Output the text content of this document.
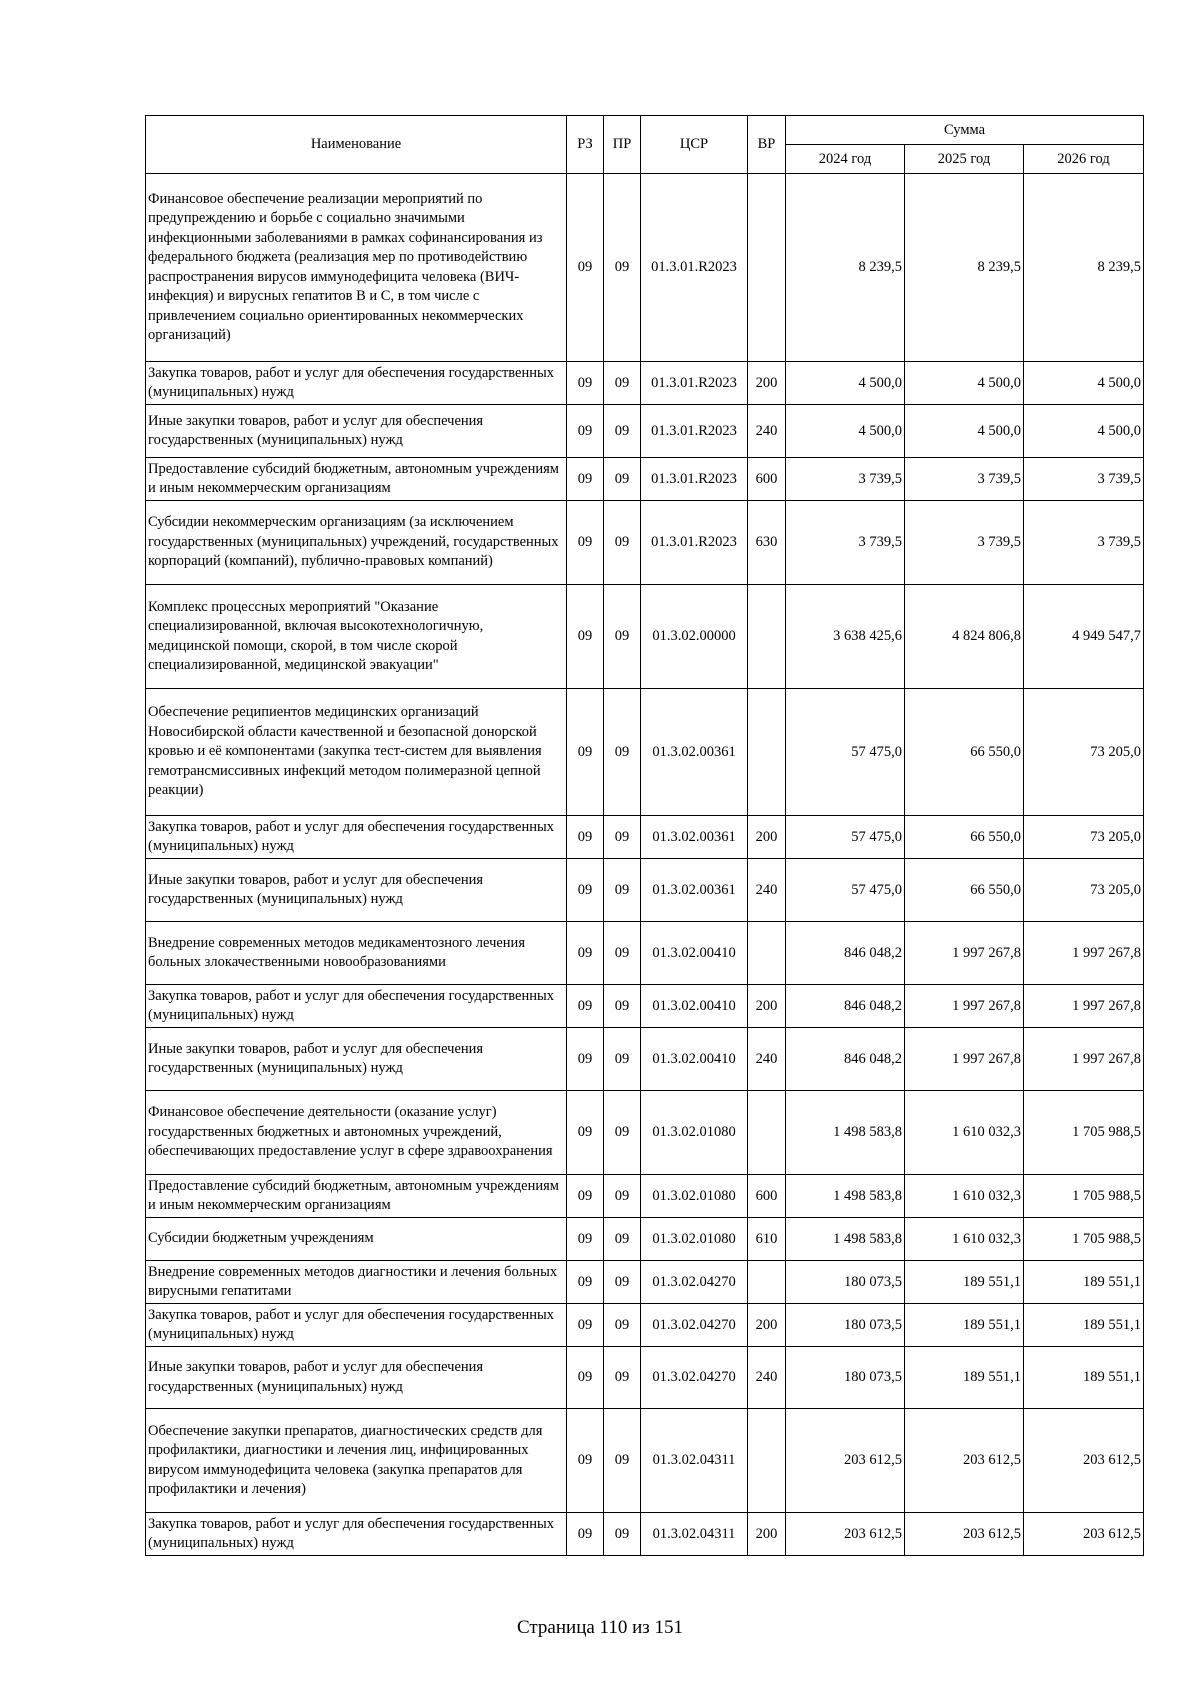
Наименование	РЗ	ПР	ЦСР	ВР	Сумма		
					2024 год	2025 год	2026 год
Финансовое обеспечение реализации мероприятий по предупреждению и борьбе с социально значимыми инфекционными заболеваниями в рамках софинансирования из федерального бюджета (реализация мер по противодействию распространения вирусов иммунодефицита человека (ВИЧ-инфекция) и вирусных гепатитов В и С, в том числе с привлечением социально ориентированных некоммерческих организаций)	09	09	01.3.01.R2023		8 239,5	8 239,5	8 239,5
Закупка товаров, работ и услуг для обеспечения государственных (муниципальных) нужд	09	09	01.3.01.R2023	200	4 500,0	4 500,0	4 500,0
Иные закупки товаров, работ и услуг для обеспечения государственных (муниципальных) нужд	09	09	01.3.01.R2023	240	4 500,0	4 500,0	4 500,0
Предоставление субсидий бюджетным, автономным учреждениям и иным некоммерческим организациям	09	09	01.3.01.R2023	600	3 739,5	3 739,5	3 739,5
Субсидии некоммерческим организациям (за исключением государственных (муниципальных) учреждений, государственных корпораций (компаний), публично-правовых компаний)	09	09	01.3.01.R2023	630	3 739,5	3 739,5	3 739,5
Комплекс процессных мероприятий "Оказание специализированной, включая высокотехнологичную, медицинской помощи, скорой, в том числе скорой специализированной, медицинской эвакуации"	09	09	01.3.02.00000		3 638 425,6	4 824 806,8	4 949 547,7
Обеспечение реципиентов медицинских организаций Новосибирской области качественной и безопасной донорской кровью и её компонентами (закупка тест-систем для выявления гемотрансмиссивных инфекций методом полимеразной цепной реакции)	09	09	01.3.02.00361		57 475,0	66 550,0	73 205,0
Закупка товаров, работ и услуг для обеспечения государственных (муниципальных) нужд	09	09	01.3.02.00361	200	57 475,0	66 550,0	73 205,0
Иные закупки товаров, работ и услуг для обеспечения государственных (муниципальных) нужд	09	09	01.3.02.00361	240	57 475,0	66 550,0	73 205,0
Внедрение современных методов медикаментозного лечения больных злокачественными новообразованиями	09	09	01.3.02.00410		846 048,2	1 997 267,8	1 997 267,8
Закупка товаров, работ и услуг для обеспечения государственных (муниципальных) нужд	09	09	01.3.02.00410	200	846 048,2	1 997 267,8	1 997 267,8
Иные закупки товаров, работ и услуг для обеспечения государственных (муниципальных) нужд	09	09	01.3.02.00410	240	846 048,2	1 997 267,8	1 997 267,8
Финансовое обеспечение деятельности (оказание услуг) государственных бюджетных и автономных учреждений, обеспечивающих предоставление услуг в сфере здравоохранения	09	09	01.3.02.01080		1 498 583,8	1 610 032,3	1 705 988,5
Предоставление субсидий бюджетным, автономным учреждениям и иным некоммерческим организациям	09	09	01.3.02.01080	600	1 498 583,8	1 610 032,3	1 705 988,5
Субсидии бюджетным учреждениям	09	09	01.3.02.01080	610	1 498 583,8	1 610 032,3	1 705 988,5
Внедрение современных методов диагностики и лечения больных вирусными гепатитами	09	09	01.3.02.04270		180 073,5	189 551,1	189 551,1
Закупка товаров, работ и услуг для обеспечения государственных (муниципальных) нужд	09	09	01.3.02.04270	200	180 073,5	189 551,1	189 551,1
Иные закупки товаров, работ и услуг для обеспечения государственных (муниципальных) нужд	09	09	01.3.02.04270	240	180 073,5	189 551,1	189 551,1
Обеспечение закупки препаратов, диагностических средств для профилактики, диагностики и лечения лиц, инфицированных вирусом иммунодефицита человека (закупка препаратов для профилактики и лечения)	09	09	01.3.02.04311		203 612,5	203 612,5	203 612,5
Закупка товаров, работ и услуг для обеспечения государственных (муниципальных) нужд	09	09	01.3.02.04311	200	203 612,5	203 612,5	203 612,5
Страница 110 из 151
